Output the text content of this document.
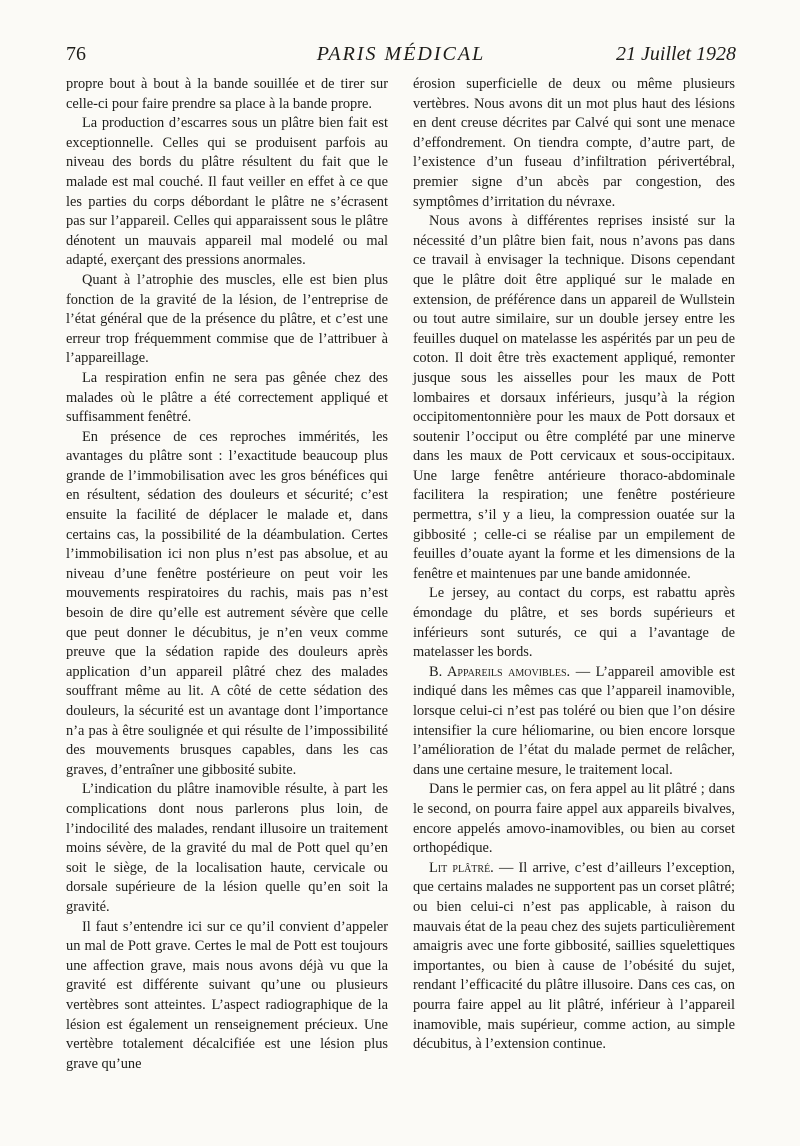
76	PARIS MÉDICAL	21 Juillet 1928

propre bout à bout à la bande souillée et de tirer sur celle-ci pour faire prendre sa place à la bande propre.

La production d’escarres sous un plâtre bien fait est exceptionnelle. Celles qui se produisent parfois au niveau des bords du plâtre résultent du fait que le malade est mal couché. Il faut veiller en effet à ce que les parties du corps débordant le plâtre ne s’écrasent pas sur l’appareil. Celles qui apparaissent sous le plâtre dénotent un mauvais appareil mal modelé ou mal adapté, exerçant des pressions anormales.

Quant à l’atrophie des muscles, elle est bien plus fonction de la gravité de la lésion, de l’entreprise de l’état général que de la présence du plâtre, et c’est une erreur trop fréquemment commise que de l’attribuer à l’appareillage.

La respiration enfin ne sera pas gênée chez des malades où le plâtre a été correctement appliqué et suffisamment fenêtré.

En présence de ces reproches immérités, les avantages du plâtre sont : l’exactitude beaucoup plus grande de l’immobilisation avec les gros bénéfices qui en résultent, sédation des douleurs et sécurité; c’est ensuite la facilité de déplacer le malade et, dans certains cas, la possibilité de la déambulation. Certes l’immobilisation ici non plus n’est pas absolue, et au niveau d’une fenêtre postérieure on peut voir les mouvements respiratoires du rachis, mais pas n’est besoin de dire qu’elle est autrement sévère que celle que peut donner le décubitus, je n’en veux comme preuve que la sédation rapide des douleurs après application d’un appareil plâtré chez des malades souffrant même au lit. A côté de cette sédation des douleurs, la sécurité est un avantage dont l’importance n’a pas à être soulignée et qui résulte de l’impossibilité des mouvements brusques capables, dans les cas graves, d’entraîner une gibbosité subite.

L’indication du plâtre inamovible résulte, à part les complications dont nous parlerons plus loin, de l’indocilité des malades, rendant illusoire un traitement moins sévère, de la gravité du mal de Pott quel qu’en soit le siège, de la localisation haute, cervicale ou dorsale supérieure de la lésion quelle qu’en soit la gravité.

Il faut s’entendre ici sur ce qu’il convient d’appeler un mal de Pott grave. Certes le mal de Pott est toujours une affection grave, mais nous avons déjà vu que la gravité est différente suivant qu’une ou plusieurs vertèbres sont atteintes. L’aspect radiographique de la lésion est également un renseignement précieux. Une vertèbre totalement décalcifiée est une lésion plus grave qu’une

érosion superficielle de deux ou même plusieurs vertèbres. Nous avons dit un mot plus haut des lésions en dent creuse décrites par Calvé qui sont une menace d’effondrement. On tiendra compte, d’autre part, de l’existence d’un fuseau d’infiltration périvertébral, premier signe d’un abcès par congestion, des symptômes d’irritation du névraxe.

Nous avons à différentes reprises insisté sur la nécessité d’un plâtre bien fait, nous n’avons pas dans ce travail à envisager la technique. Disons cependant que le plâtre doit être appliqué sur le malade en extension, de préférence dans un appareil de Wullstein ou tout autre similaire, sur un double jersey entre les feuilles duquel on matelasse les aspérités par un peu de coton. Il doit être très exactement appliqué, remonter jusque sous les aisselles pour les maux de Pott lombaires et dorsaux inférieurs, jusqu’à la région occipitomentonnière pour les maux de Pott dorsaux et soutenir l’occiput ou être complété par une minerve dans les maux de Pott cervicaux et sous-occipitaux. Une large fenêtre antérieure thoraco-abdominale facilitera la respiration; une fenêtre postérieure permettra, s’il y a lieu, la compression ouatée sur la gibbosité ; celle-ci se réalise par un empilement de feuilles d’ouate ayant la forme et les dimensions de la fenêtre et maintenues par une bande amidonnée.

Le jersey, au contact du corps, est rabattu après émondage du plâtre, et ses bords supérieurs et inférieurs sont suturés, ce qui a l’avantage de matelasser les bords.

B. Appareils amovibles. — L’appareil amovible est indiqué dans les mêmes cas que l’appareil inamovible, lorsque celui-ci n’est pas toléré ou bien que l’on désire intensifier la cure héliomarine, ou bien encore lorsque l’amélioration de l’état du malade permet de relâcher, dans une certaine mesure, le traitement local.

Dans le permier cas, on fera appel au lit plâtré ; dans le second, on pourra faire appel aux appareils bivalves, encore appelés amovo-inamovibles, ou bien au corset orthopédique.

Lit plâtré. — Il arrive, c’est d’ailleurs l’exception, que certains malades ne supportent pas un corset plâtré; ou bien celui-ci n’est pas applicable, à raison du mauvais état de la peau chez des sujets particulièrement amaigris avec une forte gibbosité, saillies squelettiques importantes, ou bien à cause de l’obésité du sujet, rendant l’efficacité du plâtre illusoire. Dans ces cas, on pourra faire appel au lit plâtré, inférieur à l’appareil inamovible, mais supérieur, comme action, au simple décubitus, à l’extension continue.
